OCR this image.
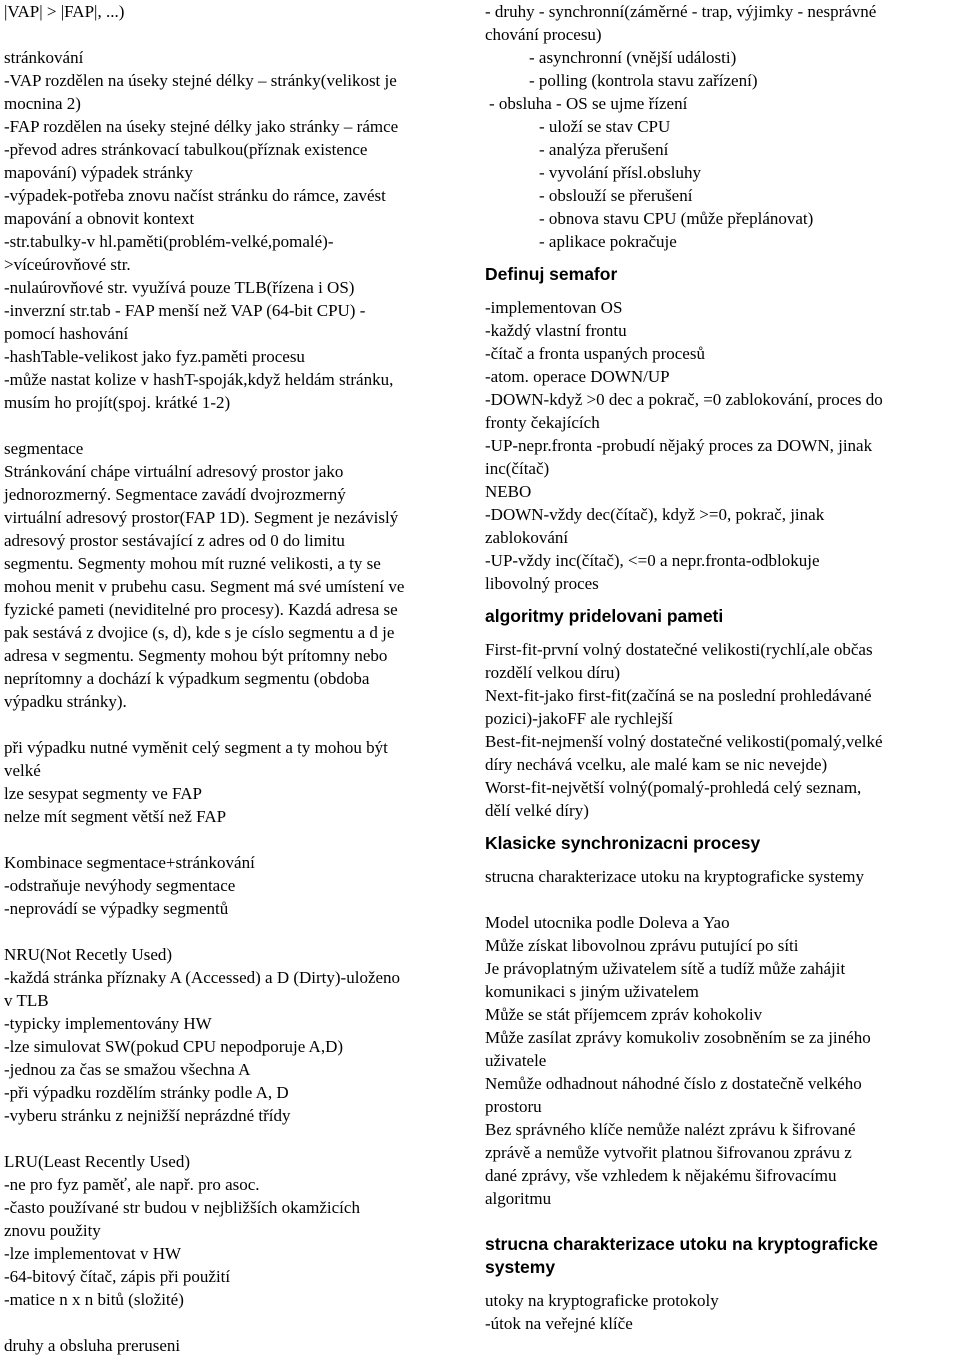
|VAP| > |FAP|, ...)
stránkování
-VAP rozdělen na úseky stejné délky – stránky(velikost je
mocnina 2)
-FAP rozdělen na úseky stejné délky jako stránky – rámce
-převod adres stránkovací tabulkou(příznak existence
mapování) výpadek stránky
-výpadek-potřeba znovu načíst stránku do rámce, zavést
mapování a obnovit kontext
-str.tabulky-v hl.paměti(problém-velké,pomalé)-
>víceúrovňové str.
-nulaúrovňové str. využívá pouze TLB(řízena i OS)
-inverzní str.tab - FAP menší než VAP (64-bit CPU) -
pomocí hashování
-hashTable-velikost jako fyz.paměti procesu
-může nastat kolize v hashT-spoják,když heldám stránku,
musím ho projít(spoj. krátké 1-2)
segmentace
Stránkování chápe virtuální adresový prostor jako
jednorozmerný. Segmentace zavádí dvojrozmerný
virtuální adresový prostor(FAP 1D). Segment je nezávislý
adresový prostor sestávající z adres od 0 do limitu
segmentu. Segmenty mohou mít ruzné velikosti, a ty se
mohou menit v prubehu casu. Segment má své umístení ve
fyzické pameti (neviditelné pro procesy). Kazdá adresa se
pak sestává z dvojice (s, d), kde s je císlo segmentu a d je
adresa v segmentu. Segmenty mohou být prítomny nebo
neprítomny a dochází k výpadkum segmentu (obdoba
výpadku stránky).
při výpadku nutné vyměnit celý segment a ty mohou být
velké
lze sesypat segmenty ve FAP
nelze mít segment větší než FAP
Kombinace segmentace+stránkování
-odstraňuje nevýhody segmentace
-neprovádí se výpadky segmentů
NRU(Not Recetly Used)
-každá stránka příznaky A (Accessed) a D (Dirty)-uloženo
v TLB
-typicky implementovány HW
-lze simulovat SW(pokud CPU nepodporuje A,D)
-jednou za čas se smažou všechna A
-při výpadku rozdělím stránky podle A, D
-vyberu stránku z nejnižší neprázdné třídy
LRU(Least Recently Used)
-ne pro fyz paměť, ale např. pro asoc.
-často používané str budou v nejbližších okamžicích
znovu použity
-lze implementovat v HW
-64-bitový čítač, zápis při použití
-matice n x n bitů (složité)
druhy a obsluha preruseni
- druhy - synchronní(záměrné - trap, výjimky - nesprávné
chování procesu)
- asynchronní (vnější události)
- polling (kontrola stavu zařízení)
- obsluha - OS se ujme řízení
- uloží se stav CPU
- analýza přerušení
- vyvolání přísl.obsluhy
- obslouží se přerušení
- obnova stavu CPU (může přeplánovat)
- aplikace pokračuje
Definuj semafor
-implementovan OS
-každý vlastní frontu
-čítač a fronta uspaných procesů
-atom. operace DOWN/UP
-DOWN-když >0 dec a pokrač, =0 zablokování, proces do
fronty čekajících
-UP-nepr.fronta -probudí nějaký proces za DOWN, jinak
inc(čítač)
NEBO
-DOWN-vždy dec(čítač), když >=0, pokrač, jinak
zablokování
-UP-vždy inc(čítač), <=0 a nepr.fronta-odblokuje
libovolný proces
algoritmy pridelovani pameti
First-fit-první volný dostatečné velikosti(rychlí,ale občas
rozdělí velkou díru)
Next-fit-jako first-fit(začíná se na poslední prohledávané
pozici)-jakoFF ale rychlejší
Best-fit-nejmenší volný dostatečné velikosti(pomalý,velké
díry nechává vcelku, ale malé kam se nic nevejde)
Worst-fit-největší volný(pomalý-prohledá celý seznam,
dělí velké díry)
Klasicke synchronizacni procesy
strucna charakterizace utoku na kryptograficke systemy
Model utocnika podle Doleva a Yao
Může získat libovolnou zprávu putující po síti
Je právoplatným uživatelem sítě a tudíž může zahájit
komunikaci s jiným uživatelem
Může se stát příjemcem zpráv kohokoliv
Může zasílat zprávy komukoliv zosobněním se za jiného
uživatele
Nemůže odhadnout náhodné číslo z dostatečně velkého
prostoru
Bez správného klíče nemůže nalézt zprávu k šifrované
zprávě a nemůže vytvořit platnou šifrovanou zprávu z
dané zprávy, vše vzhledem k nějakému šifrovacímu
algoritmu
strucna charakterizace utoku na kryptograficke
systemy
utoky na kryptograficke protokoly
-útok na veřejné klíče
